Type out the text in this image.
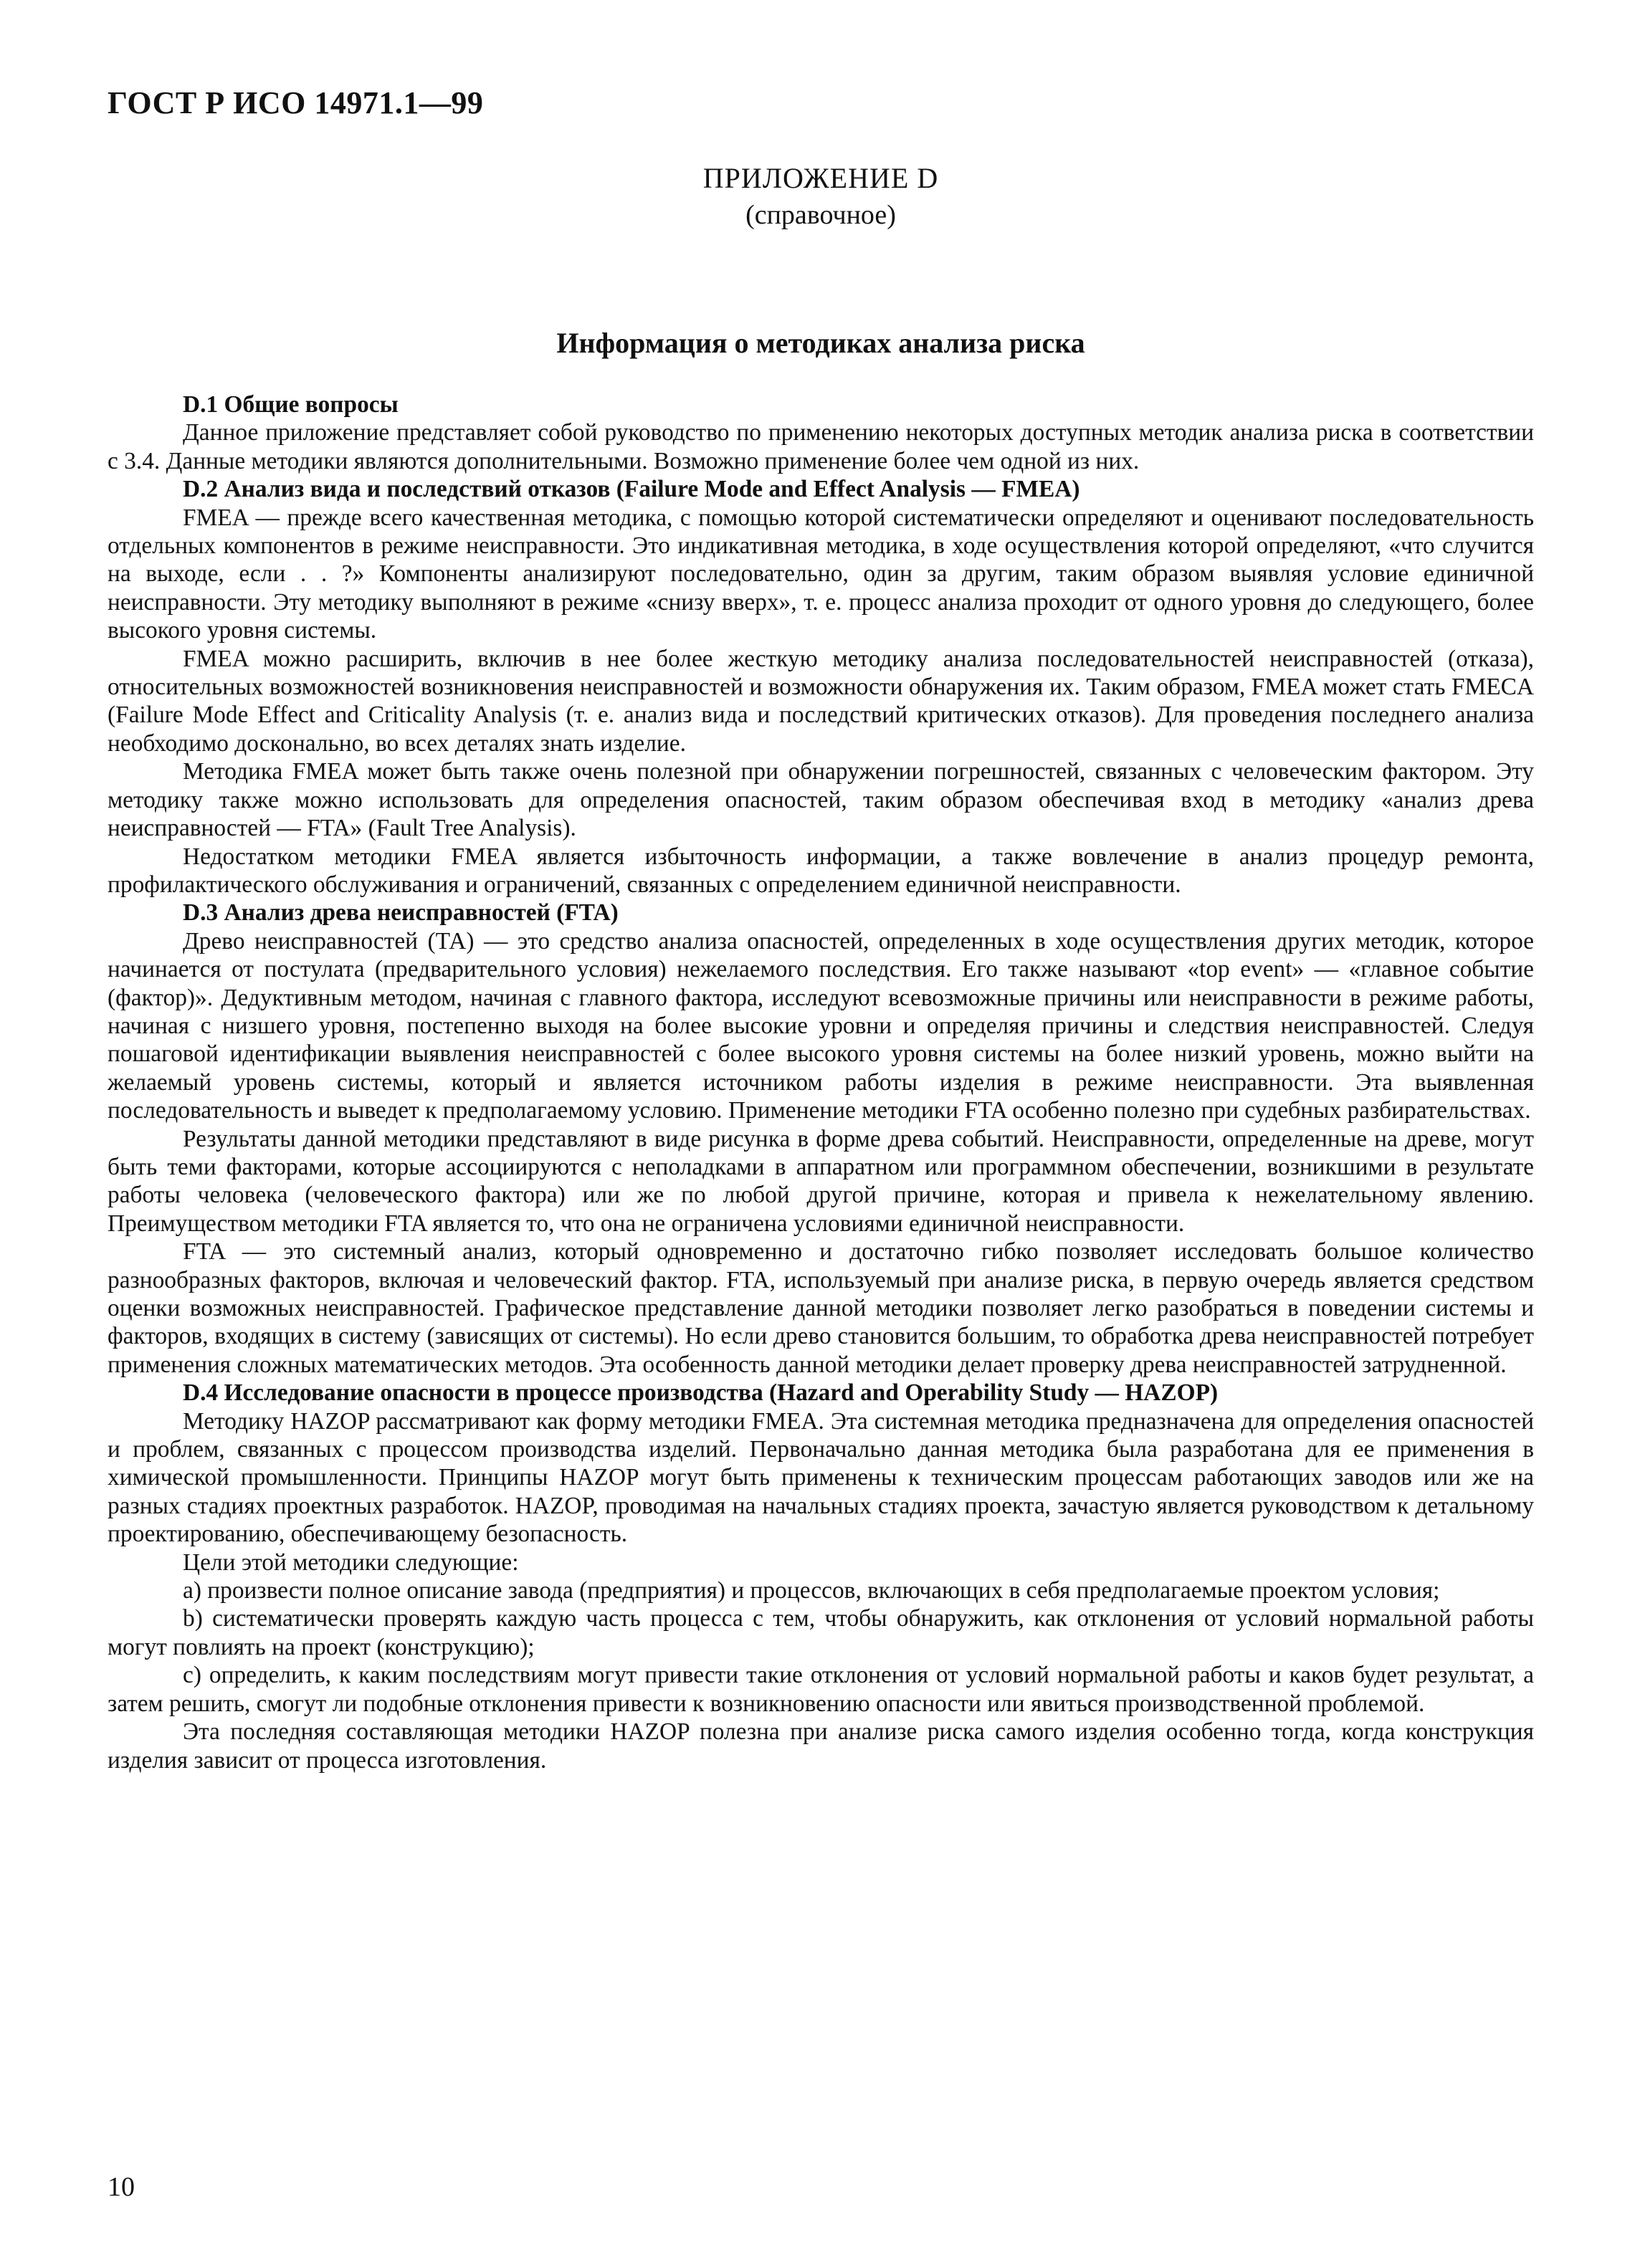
ГОСТ Р ИСО 14971.1—99
ПРИЛОЖЕНИЕ D
(справочное)
Информация о методиках анализа риска
D.1 Общие вопросы

Данное приложение представляет собой руководство по применению некоторых доступных методик анализа риска в соответствии с 3.4. Данные методики являются дополнительными. Возможно применение более чем одной из них.

D.2 Анализ вида и последствий отказов (Failure Mode and Effect Analysis — FMEA)

FMEA — прежде всего качественная методика, с помощью которой систематически определяют и оценивают последовательность отдельных компонентов в режиме неисправности. Это индикативная методика, в ходе осуществления которой определяют, «что случится на выходе, если . . ?» Компоненты анализируют последовательно, один за другим, таким образом выявляя условие единичной неисправности. Эту методику выполняют в режиме «снизу вверх», т. е. процесс анализа проходит от одного уровня до следующего, более высокого уровня системы.

FMEA можно расширить, включив в нее более жесткую методику анализа последовательностей неисправностей (отказа), относительных возможностей возникновения неисправностей и возможности обнаружения их. Таким образом, FMEA может стать FMECA (Failure Mode Effect and Criticality Analysis (т. е. анализ вида и последствий критических отказов). Для проведения последнего анализа необходимо досконально, во всех деталях знать изделие.

Методика FMEA может быть также очень полезной при обнаружении погрешностей, связанных с человеческим фактором. Эту методику также можно использовать для определения опасностей, таким образом обеспечивая вход в методику «анализ древа неисправностей — FTA» (Fault Tree Analysis).

Недостатком методики FMEA является избыточность информации, а также вовлечение в анализ процедур ремонта, профилактического обслуживания и ограничений, связанных с определением единичной неисправности.

D.3 Анализ древа неисправностей (FTA)

Древо неисправностей (ТА) — это средство анализа опасностей, определенных в ходе осуществления других методик, которое начинается от постулата (предварительного условия) нежелаемого последствия. Его также называют «top event» — «главное событие (фактор)». Дедуктивным методом, начиная с главного фактора, исследуют всевозможные причины или неисправности в режиме работы, начиная с низшего уровня, постепенно выходя на более высокие уровни и определяя причины и следствия неисправностей. Следуя пошаговой идентификации выявления неисправностей с более высокого уровня системы на более низкий уровень, можно выйти на желаемый уровень системы, который и является источником работы изделия в режиме неисправности. Эта выявленная последовательность и выведет к предполагаемому условию. Применение методики FTA особенно полезно при судебных разбирательствах.

Результаты данной методики представляют в виде рисунка в форме древа событий. Неисправности, определенные на древе, могут быть теми факторами, которые ассоциируются с неполадками в аппаратном или программном обеспечении, возникшими в результате работы человека (человеческого фактора) или же по любой другой причине, которая и привела к нежелательному явлению. Преимуществом методики FTA является то, что она не ограничена условиями единичной неисправности.

FTA — это системный анализ, который одновременно и достаточно гибко позволяет исследовать большое количество разнообразных факторов, включая и человеческий фактор. FTA, используемый при анализе риска, в первую очередь является средством оценки возможных неисправностей. Графическое представление данной методики позволяет легко разобраться в поведении системы и факторов, входящих в систему (зависящих от системы). Но если древо становится большим, то обработка древа неисправностей потребует применения сложных математических методов. Эта особенность данной методики делает проверку древа неисправностей затрудненной.

D.4 Исследование опасности в процессе производства (Hazard and Operability Study — HAZOP)

Методику HAZOP рассматривают как форму методики FMEA. Эта системная методика предназначена для определения опасностей и проблем, связанных с процессом производства изделий. Первоначально данная методика была разработана для ее применения в химической промышленности. Принципы HAZOP могут быть применены к техническим процессам работающих заводов или же на разных стадиях проектных разработок. HAZOP, проводимая на начальных стадиях проекта, зачастую является руководством к детальному проектированию, обеспечивающему безопасность.

Цели этой методики следующие:

а) произвести полное описание завода (предприятия) и процессов, включающих в себя предполагаемые проектом условия;

b) систематически проверять каждую часть процесса с тем, чтобы обнаружить, как отклонения от условий нормальной работы могут повлиять на проект (конструкцию);

с) определить, к каким последствиям могут привести такие отклонения от условий нормальной работы и каков будет результат, а затем решить, смогут ли подобные отклонения привести к возникновению опасности или явиться производственной проблемой.

Эта последняя составляющая методики HAZOP полезна при анализе риска самого изделия особенно тогда, когда конструкция изделия зависит от процесса изготовления.

10
